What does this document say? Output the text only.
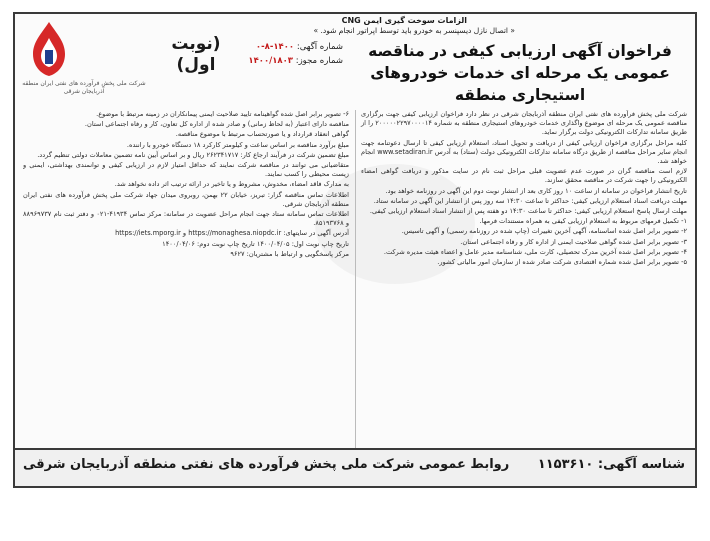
شرکت ملی پخش فرآورده های نفتی ایران منطقه آذربایجان شرقی
(نوبت اول)
شماره آگهی: ۱۴۰۰-۸-۰
شماره مجوز: ۱۴۰۰/۱۸۰۳
الزامات سوخت گیری ایمن CNG
« اتصال نازل دیسپنسر به خودرو باید توسط اپراتور انجام شود. »
فراخوان آگهی ارزیابی کیفی در مناقصه عمومی یک مرحله ای خدمات خودروهای استیجاری منطقه

شرکت ملی پخش فرآورده های نفتی ایران منطقه آذربایجان شرقی در نظر دارد فراخوان ارزیابی کیفی جهت برگزاری مناقصه عمومی یک مرحله ای موضوع واگذاری خدمات خودروهای استیجاری منطقه به شماره ۲۰۰۰۰۰۲۲۹۷۰۰۰۰۱۴ را از طریق سامانه تدارکات الکترونیکی دولت برگزار نماید.

کلیه مراحل برگزاری فراخوان ارزیابی کیفی از دریافت و تحویل اسناد، استعلام ارزیابی کیفی تا ارسال دعوتنامه جهت انجام سایر مراحل مناقصه از طریق درگاه سامانه تدارکات الکترونیکی دولت (ستاد) به آدرس www.setadiran.ir انجام خواهد شد.

لازم است مناقصه گران در صورت عدم عضویت قبلی مراحل ثبت نام در سایت مذکور و دریافت گواهی امضاء الکترونیکی را جهت شرکت در مناقصه محقق سازند.

تاریخ انتشار فراخوان در سامانه از ساعت ۱۰ روز کاری بعد از انتشار نوبت دوم این آگهی در روزنامه خواهد بود.

مهلت دریافت اسناد استعلام ارزیابی کیفی: حداکثر تا ساعت ۱۴:۳۰ سه روز پس از انتشار این آگهی در سامانه ستاد.

مهلت ارسال پاسخ استعلام ارزیابی کیفی: حداکثر تا ساعت ۱۴:۳۰ دو هفته پس از انتشار اسناد استعلام ارزیابی کیفی.

۱- تکمیل فرمهای مربوط به استعلام ارزیابی کیفی به همراه مستندات فرمها.

۲- تصویر برابر اصل شده اساسنامه، آگهی آخرین تغییرات (چاپ شده در روزنامه رسمی) و آگهی تاسیس.

۳- تصویر برابر اصل شده گواهی صلاحیت ایمنی از اداره کار و رفاه اجتماعی استان.

۴- تصویر برابر اصل شده آخرین مدرک تحصیلی، کارت ملی، شناسنامه مدیر عامل و اعضاء هیئت مدیره شرکت.

۵- تصویر برابر اصل شده شماره اقتصادی شرکت صادر شده از سازمان امور مالیاتی کشور.

۶- تصویر برابر اصل شده گواهینامه تایید صلاحیت ایمنی پیمانکاران در زمینه مرتبط با موضوع.

مناقصه دارای اعتبار (به لحاظ زمانی) و صادر شده از اداره کل تعاون، کار و رفاه اجتماعی استان.

گواهی انعقاد قرارداد و یا صورتحساب مرتبط با موضوع مناقصه.

مبلغ برآورد مناقصه بر اساس ساعت و کیلومتر کارکرد ۱۸ دستگاه خودرو با راننده.

مبلغ تضمین شرکت در فرآیند ارجاع کار: ۲۶۲۳۴۱۷۱۷ ریال و بر اساس آیین نامه تضمین معاملات دولتی تنظیم گردد.

متقاضیانی می توانند در مناقصه شرکت نمایند که حداقل امتیاز لازم در ارزیابی کیفی و توانمندی بهداشتی، ایمنی و زیست محیطی را کسب نمایند.

به مدارک فاقد امضاء، مخدوش، مشروط و یا تاخیر در ارائه ترتیب اثر داده نخواهد شد.

اطلاعات تماس مناقصه گزار: تبریز، خیابان ۲۲ بهمن، روبروی میدان جهاد شرکت ملی پخش فرآورده های نفتی ایران منطقه آذربایجان شرقی.

اطلاعات تماس سامانه ستاد جهت انجام مراحل عضویت در سامانه: مرکز تماس ۴۱۹۳۴-۰۲۱ و دفتر ثبت نام ۸۸۹۶۹۷۳۷ و ۸۵۱۹۳۷۶۸.

آدرس آگهی در سایتهای: https://monaghesa.niopdc.ir و https://iets.mporg.ir

تاریخ چاپ نوبت اول: ۱۴۰۰/۰۴/۰۵ تاریخ چاپ نوبت دوم: ۱۴۰۰/۰۴/۰۶

مرکز پاسخگویی و ارتباط با مشتریان: ۹۶۲۷

روابط عمومی شرکت ملی پخش فرآورده های نفتی منطقه آذربایجان شرقی شناسه آگهی: ۱۱۵۳۶۱۰
